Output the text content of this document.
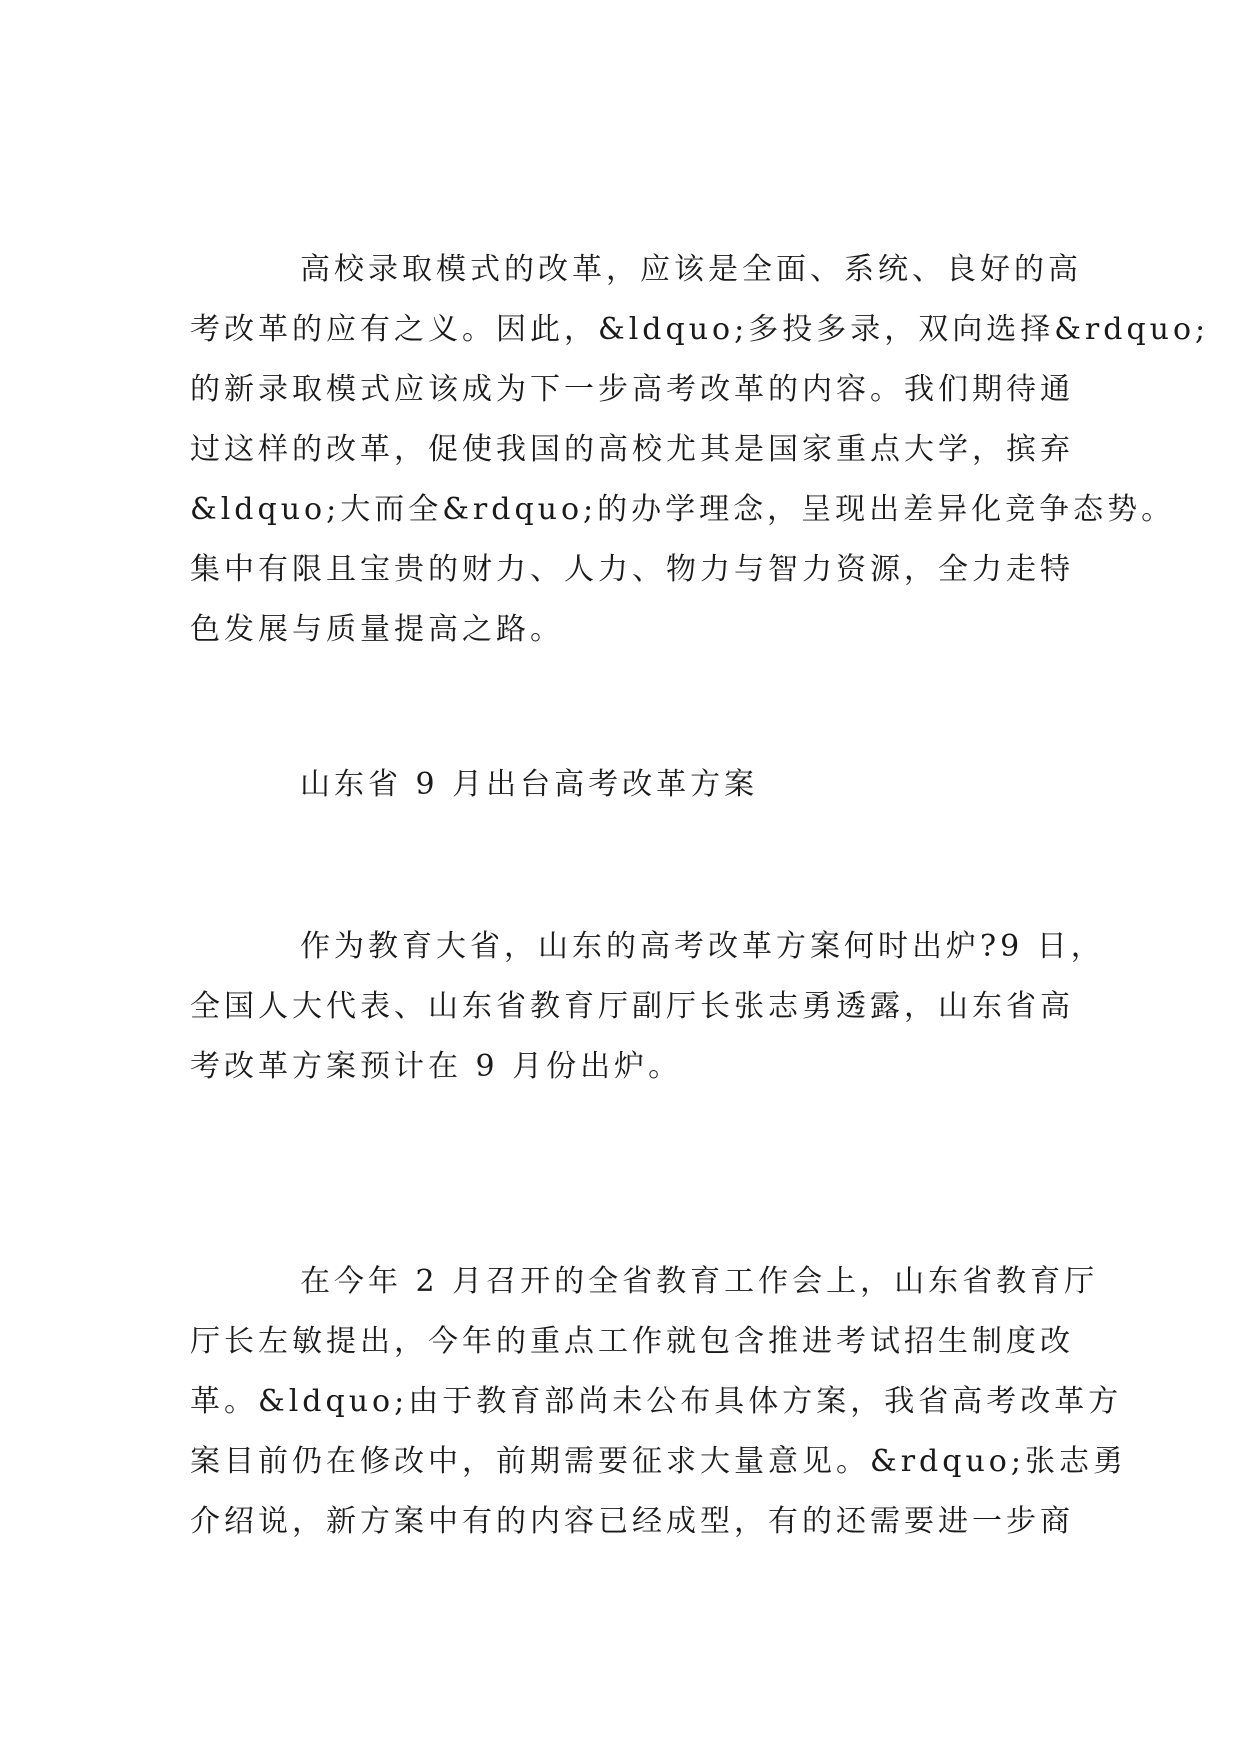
高校录取模式的改革，应该是全面、系统、良好的高
考改革的应有之义。因此，&ldquo;多投多录，双向选择&rdquo;
的新录取模式应该成为下一步高考改革的内容。我们期待通
过这样的改革，促使我国的高校尤其是国家重点大学，摈弃
&ldquo;大而全&rdquo;的办学理念，呈现出差异化竞争态势。
集中有限且宝贵的财力、人力、物力与智力资源，全力走特
色发展与质量提高之路。
山东省 9 月出台高考改革方案
作为教育大省，山东的高考改革方案何时出炉?9 日，
全国人大代表、山东省教育厅副厅长张志勇透露，山东省高
考改革方案预计在 9 月份出炉。
在今年 2 月召开的全省教育工作会上，山东省教育厅
厅长左敏提出，今年的重点工作就包含推进考试招生制度改
革。&ldquo;由于教育部尚未公布具体方案，我省高考改革方
案目前仍在修改中，前期需要征求大量意见。&rdquo;张志勇
介绍说，新方案中有的内容已经成型，有的还需要进一步商
